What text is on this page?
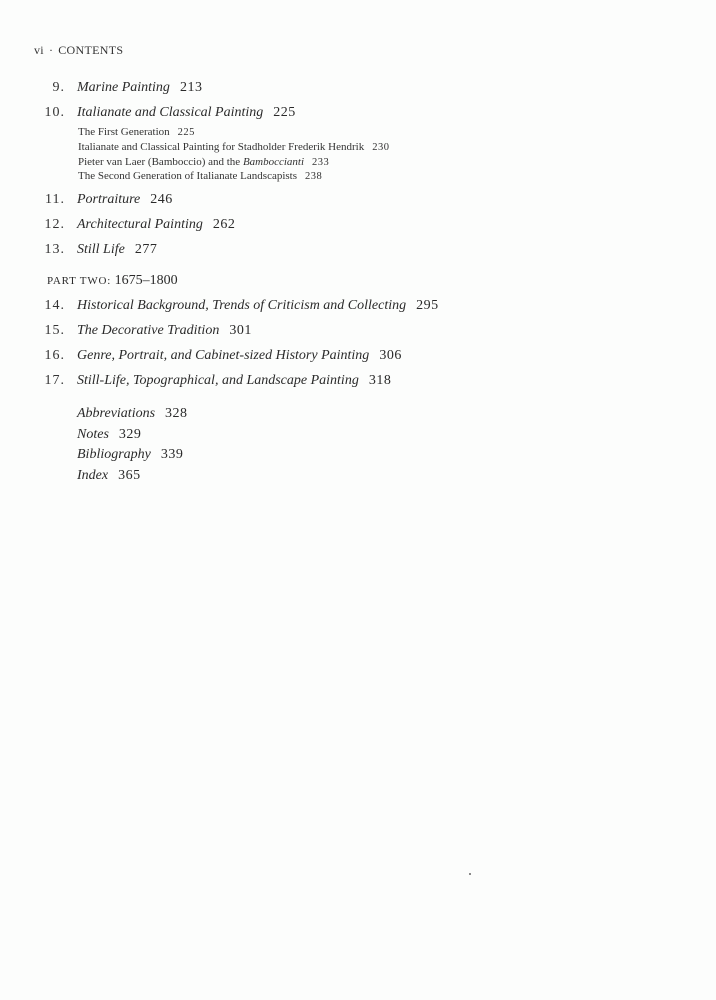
vi · CONTENTS
9. Marine Painting 213
10. Italianate and Classical Painting 225
The First Generation 225
Italianate and Classical Painting for Stadholder Frederik Hendrik 230
Pieter van Laer (Bamboccio) and the Bamboccianti 233
The Second Generation of Italianate Landscapists 238
11. Portraiture 246
12. Architectural Painting 262
13. Still Life 277
PART TWO: 1675–1800
14. Historical Background, Trends of Criticism and Collecting 295
15. The Decorative Tradition 301
16. Genre, Portrait, and Cabinet-sized History Painting 306
17. Still-Life, Topographical, and Landscape Painting 318
Abbreviations 328
Notes 329
Bibliography 339
Index 365
